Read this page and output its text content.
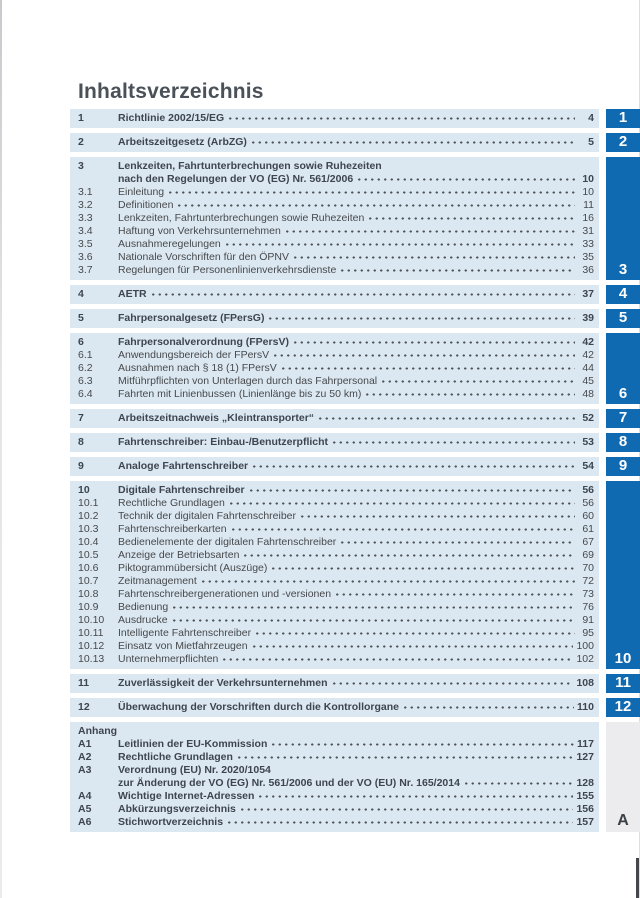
Inhaltsverzeichnis
1	Richtlinie 2002/15/EG	4	1
2	Arbeitszeitgesetz (ArbZG)	5	2
3	Lenkzeiten, Fahrtunterbrechungen sowie Ruhezeiten
nach den Regelungen der VO (EG) Nr. 561/2006	10
3.1	Einleitung	10
3.2	Definitionen	11
3.3	Lenkzeiten, Fahrtunterbrechungen sowie Ruhezeiten	16
3.4	Haftung von Verkehrsunternehmen	31
3.5	Ausnahmeregelungen	33
3.6	Nationale Vorschriften für den ÖPNV	35
3.7	Regelungen für Personenlinienverkehrsdienste	36	3
4	AETR	37	4
5	Fahrpersonalgesetz (FPersG)	39	5
6	Fahrpersonalverordnung (FPersV)	42
6.1	Anwendungsbereich der FPersV	42
6.2	Ausnahmen nach § 18 (1) FPersV	44
6.3	Mitführpflichten von Unterlagen durch das Fahrpersonal	45
6.4	Fahrten mit Linienbussen (Linienlänge bis zu 50 km)	48	6
7	Arbeitszeitnachweis „Kleintransporter“	52	7
8	Fahrtenschreiber: Einbau-/Benutzerpflicht	53	8
9	Analoge Fahrtenschreiber	54	9
10	Digitale Fahrtenschreiber	56
10.1	Rechtliche Grundlagen	56
10.2	Technik der digitalen Fahrtenschreiber	60
10.3	Fahrtenschreiberkarten	61
10.4	Bedienelemente der digitalen Fahrtenschreiber	67
10.5	Anzeige der Betriebsarten	69
10.6	Piktogrammübersicht (Auszüge)	70
10.7	Zeitmanagement	72
10.8	Fahrtenschreibergenerationen und -versionen	73
10.9	Bedienung	76
10.10	Ausdrucke	91
10.11	Intelligente Fahrtenschreiber	95
10.12	Einsatz von Mietfahrzeugen	100
10.13	Unternehmerpflichten	102	10
11	Zuverlässigkeit der Verkehrsunternehmen	108	11
12	Überwachung der Vorschriften durch die Kontrollorgane	110	12
Anhang
A1	Leitlinien der EU-Kommission	117
A2	Rechtliche Grundlagen	127
A3	Verordnung (EU) Nr. 2020/1054
zur Änderung der VO (EG) Nr. 561/2006 und der VO (EU) Nr. 165/2014	128
A4	Wichtige Internet-Adressen	155
A5	Abkürzungsverzeichnis	156
A6	Stichwortverzeichnis	157	A
